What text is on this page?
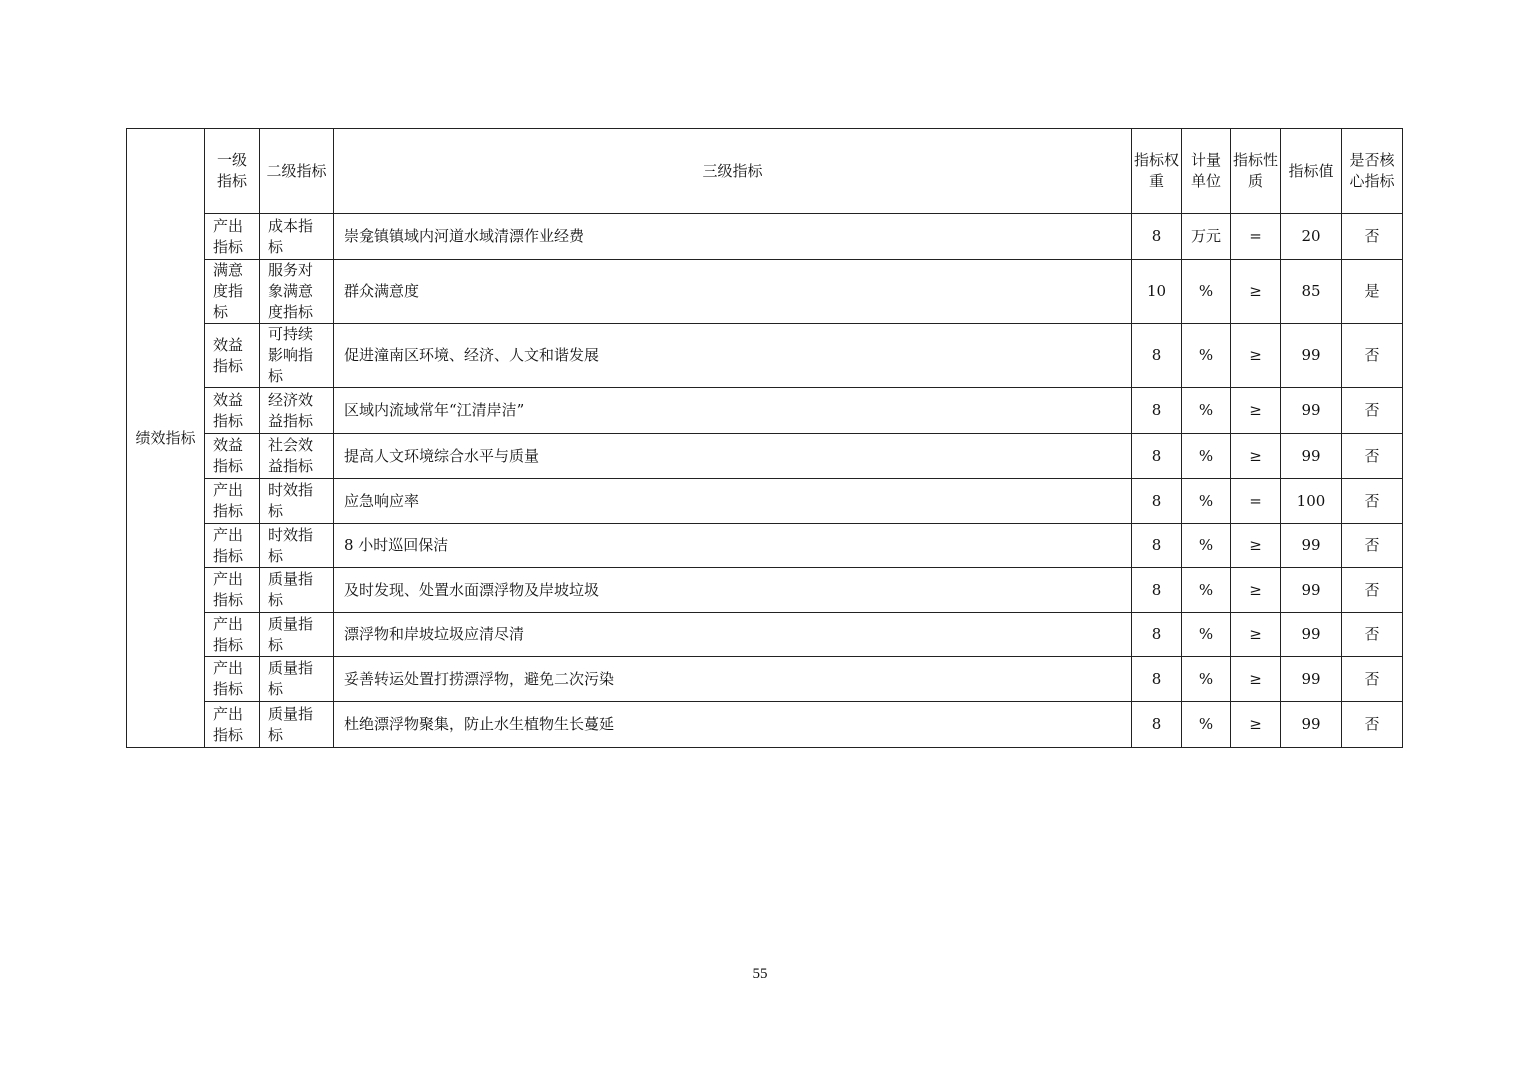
绩效指标	一级指标	二级指标	三级指标	指标权重	计量单位	指标性质	指标值	是否核心指标
	产出指标	成本指标	崇龛镇镇域内河道水域清漂作业经费	8	万元	=	20	否
	满意度指标	服务对象满意度指标	群众满意度	10	%	≥	85	是
	效益指标	可持续影响指标	促进潼南区环境、经济、人文和谐发展	8	%	≥	99	否
	效益指标	经济效益指标	区域内流域常年“江清岸洁”	8	%	≥	99	否
	效益指标	社会效益指标	提高人文环境综合水平与质量	8	%	≥	99	否
	产出指标	时效指标	应急响应率	8	%	=	100	否
	产出指标	时效指标	8 小时巡回保洁	8	%	≥	99	否
	产出指标	质量指标	及时发现、处置水面漂浮物及岸坡垃圾	8	%	≥	99	否
	产出指标	质量指标	漂浮物和岸坡垃圾应清尽清	8	%	≥	99	否
	产出指标	质量指标	妥善转运处置打捞漂浮物，避免二次污染	8	%	≥	99	否
	产出指标	质量指标	杜绝漂浮物聚集，防止水生植物生长蔓延	8	%	≥	99	否
55
